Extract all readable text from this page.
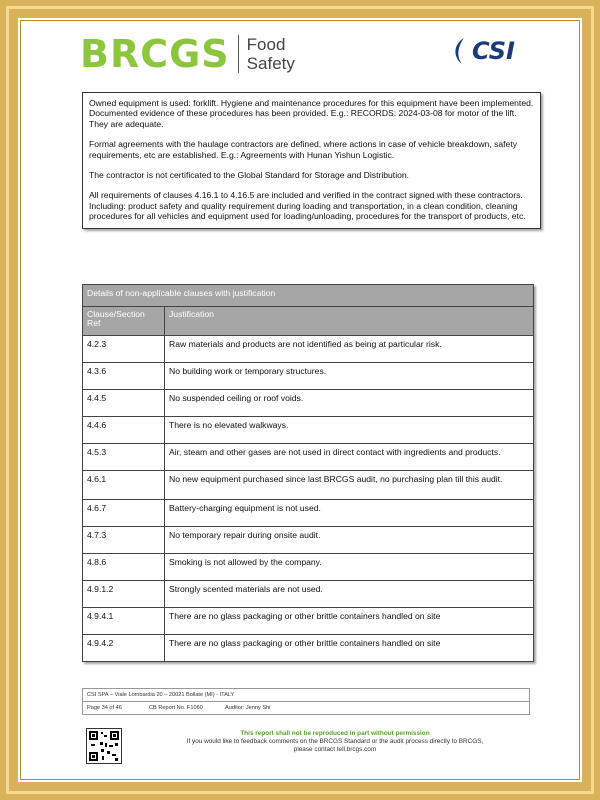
BRCGS Food
Safety	CSI

Owned equipment is used: forklift. Hygiene and maintenance procedures for this equipment have been implemented. Documented evidence of these procedures has been provided. E.g.: RECORDS: 2024-03-08 for motor of the lift. They are adequate.

Formal agreements with the haulage contractors are defined, where actions in case of vehicle breakdown, safety requirements, etc are established. E.g.: Agreements with Hunan Yishun Logistic.

The contractor is not certificated to the Global Standard for Storage and Distribution.

All requirements of clauses 4.16.1 to 4.16.5 are included and verified in the contract signed with these contractors. Including: product safety and quality requirement during loading and transportation, in a clean condition, cleaning procedures for all vehicles and equipment used for loading/unloading, procedures for the transport of products, etc.

Details of non-applicable clauses with justification	
Clause/Section Ref	Justification
4.2.3	Raw materials and products are not identified as being at particular risk.
4.3.6	No building work or temporary structures.
4.4.5	No suspended ceiling or roof voids.
4.4.6	There is no elevated walkways.
4.5.3	Air, steam and other gases are not used in direct contact with ingredients and products.
4.6.1	No new equipment purchased since last BRCGS audit, no purchasing plan till this audit.
4.6.7	Battery-charging equipment is not used.
4.7.3	No temporary repair during onsite audit.
4.8.6	Smoking is not allowed by the company.
4.9.1.2	Strongly scented materials are not used.
4.9.4.1	There are no glass packaging or other brittle containers handled on site
4.9.4.2	There are no glass packaging or other brittle containers handled on site
CSI SPA – Viale Lombardia 20 – 20021 Bollate (MI) - ITALY
Page 34 of 46	CB Report No. F1060	Auditor: Jenny Shi
This report shall not be reproduced in part without permission
If you would like to feedback comments on the BRCGS Standard or the audit process directly to BRCGS,
please contact tell.brcgs.com
